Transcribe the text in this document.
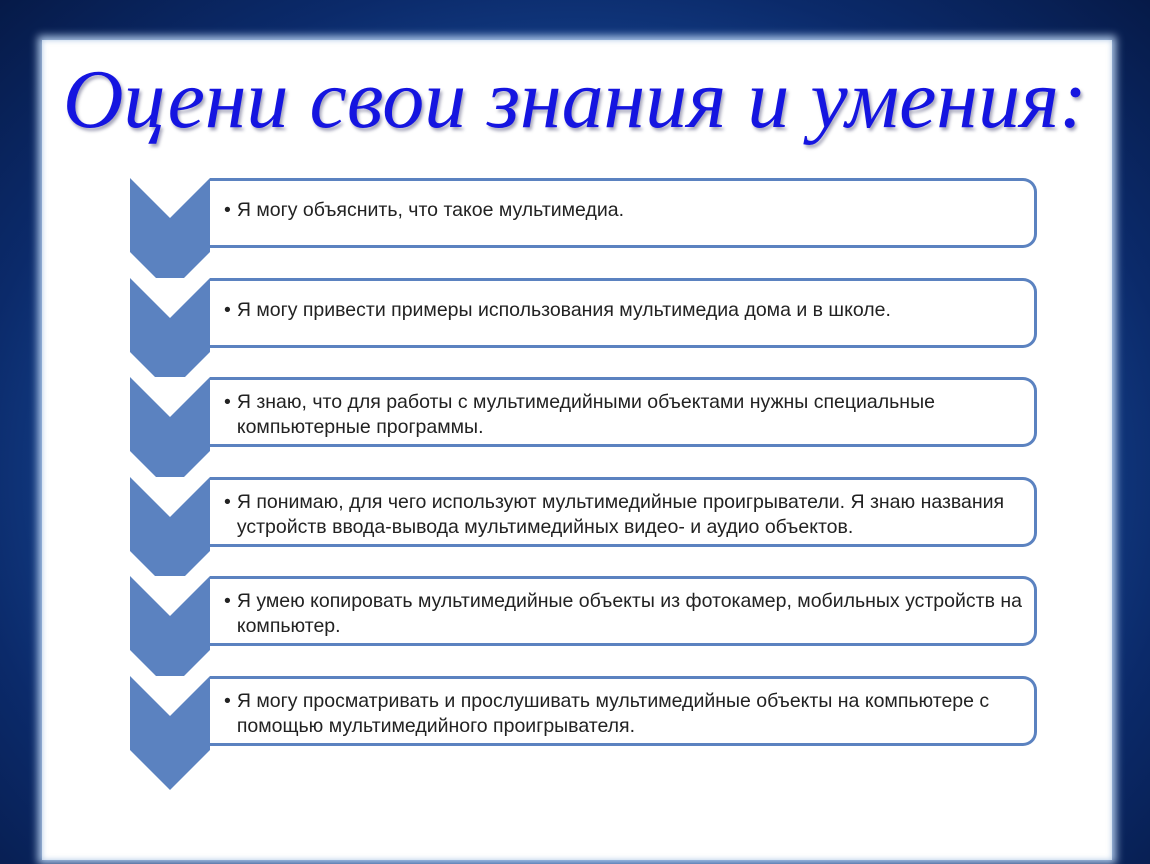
Оцени свои знания и умения:
• Я могу объяснить, что такое мультимедиа.
• Я могу привести примеры использования мультимедиа дома и в школе.
• Я знаю, что для работы с мультимедийными объектами нужны специальные компьютерные программы.
• Я понимаю, для чего используют мультимедийные проигрыватели. Я знаю названия устройств ввода-вывода мультимедийных видео- и аудио объектов.
• Я умею копировать мультимедийные объекты из фотокамер, мобильных устройств на компьютер.
• Я могу просматривать и прослушивать мультимедийные объекты на компьютере с помощью мультимедийного проигрывателя.
